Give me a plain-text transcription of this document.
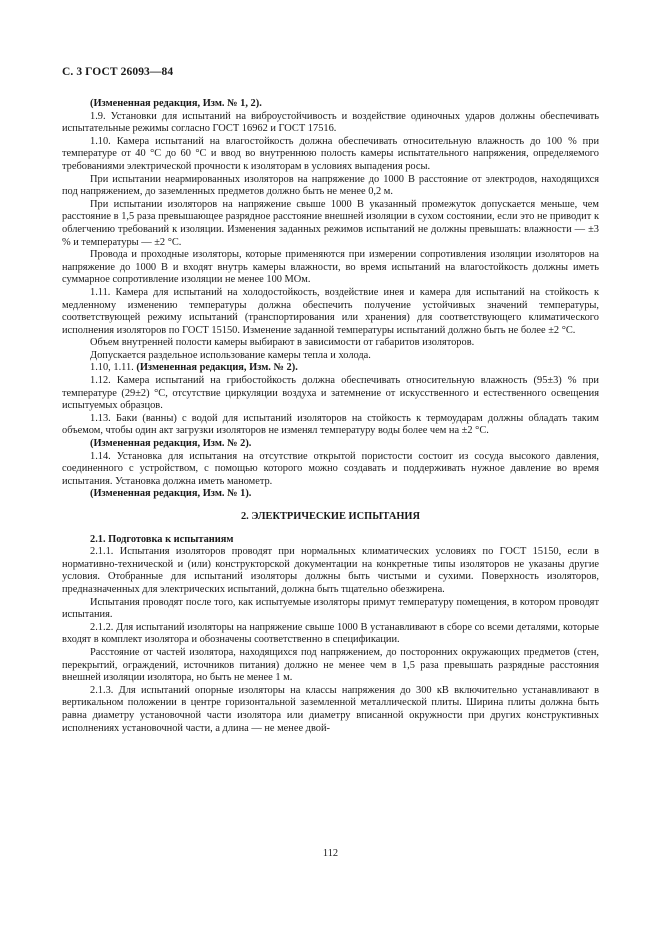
С. 3 ГОСТ 26093—84

(Измененная редакция, Изм. № 1, 2).

1.9. Установки для испытаний на виброустойчивость и воздействие одиночных ударов должны обеспечивать испытательные режимы согласно ГОСТ 16962 и ГОСТ 17516.

1.10. Камера испытаний на влагостойкость должна обеспечивать относительную влажность до 100 % при температуре от 40 °С до 60 °С и ввод во внутреннюю полость камеры испытательного напряжения, определяемого требованиями электрической прочности к изоляторам в условиях выпадения росы.

При испытании неармированных изоляторов на напряжение до 1000 В расстояние от электродов, находящихся под напряжением, до заземленных предметов должно быть не менее 0,2 м.

При испытании изоляторов на напряжение свыше 1000 В указанный промежуток допускается меньше, чем расстояние в 1,5 раза превышающее разрядное расстояние внешней изоляции в сухом состоянии, если это не приводит к облегчению требований к изоляции. Изменения заданных режимов испытаний не должны превышать: влажности — ±3 % и температуры — ±2 °С.

Провода и проходные изоляторы, которые применяются при измерении сопротивления изоляции изоляторов на напряжение до 1000 В и входят внутрь камеры влажности, во время испытаний на влагостойкость должны иметь суммарное сопротивление изоляции не менее 100 МОм.

1.11. Камера для испытаний на холодостойкость, воздействие инея и камера для испытаний на стойкость к медленному изменению температуры должна обеспечить получение устойчивых значений температуры, соответствующей режиму испытаний (транспортирования или хранения) для соответствующего климатического исполнения изоляторов по ГОСТ 15150. Изменение заданной температуры испытаний должно быть не более ±2 °С.

Объем внутренней полости камеры выбирают в зависимости от габаритов изоляторов.

Допускается раздельное использование камеры тепла и холода.

1.10, 1.11. (Измененная редакция, Изм. № 2).

1.12. Камера испытаний на грибостойкость должна обеспечивать относительную влажность (95±3) % при температуре (29±2) °С, отсутствие циркуляции воздуха и затемнение от искусственного и естественного освещения испытуемых образцов.

1.13. Баки (ванны) с водой для испытаний изоляторов на стойкость к термоударам должны обладать таким объемом, чтобы один акт загрузки изоляторов не изменял температуру воды более чем на ±2 °С.

(Измененная редакция, Изм. № 2).

1.14. Установка для испытания на отсутствие открытой пористости состоит из сосуда высокого давления, соединенного с устройством, с помощью которого можно создавать и поддерживать нужное давление во время испытания. Установка должна иметь манометр.

(Измененная редакция, Изм. № 1).

2. ЭЛЕКТРИЧЕСКИЕ ИСПЫТАНИЯ

2.1. Подготовка к испытаниям

2.1.1. Испытания изоляторов проводят при нормальных климатических условиях по ГОСТ 15150, если в нормативно-технической и (или) конструкторской документации на конкретные типы изоляторов не указаны другие условия. Отобранные для испытаний изоляторы должны быть чистыми и сухими. Поверхность изоляторов, предназначенных для электрических испытаний, должна быть тщательно обезжирена.

Испытания проводят после того, как испытуемые изоляторы примут температуру помещения, в котором проводят испытания.

2.1.2. Для испытаний изоляторы на напряжение свыше 1000 В устанавливают в сборе со всеми деталями, которые входят в комплект изолятора и обозначены соответственно в спецификации.

Расстояние от частей изолятора, находящихся под напряжением, до посторонних окружающих предметов (стен, перекрытий, ограждений, источников питания) должно не менее чем в 1,5 раза превышать разрядные расстояния внешней изоляции изолятора, но быть не менее 1 м.

2.1.3. Для испытаний опорные изоляторы на классы напряжения до 300 кВ включительно устанавливают в вертикальном положении в центре горизонтальной заземленной металлической плиты. Ширина плиты должна быть равна диаметру установочной части изолятора или диаметру вписанной окружности при других конструктивных исполнениях установочной части, а длина — не менее двой-

112
